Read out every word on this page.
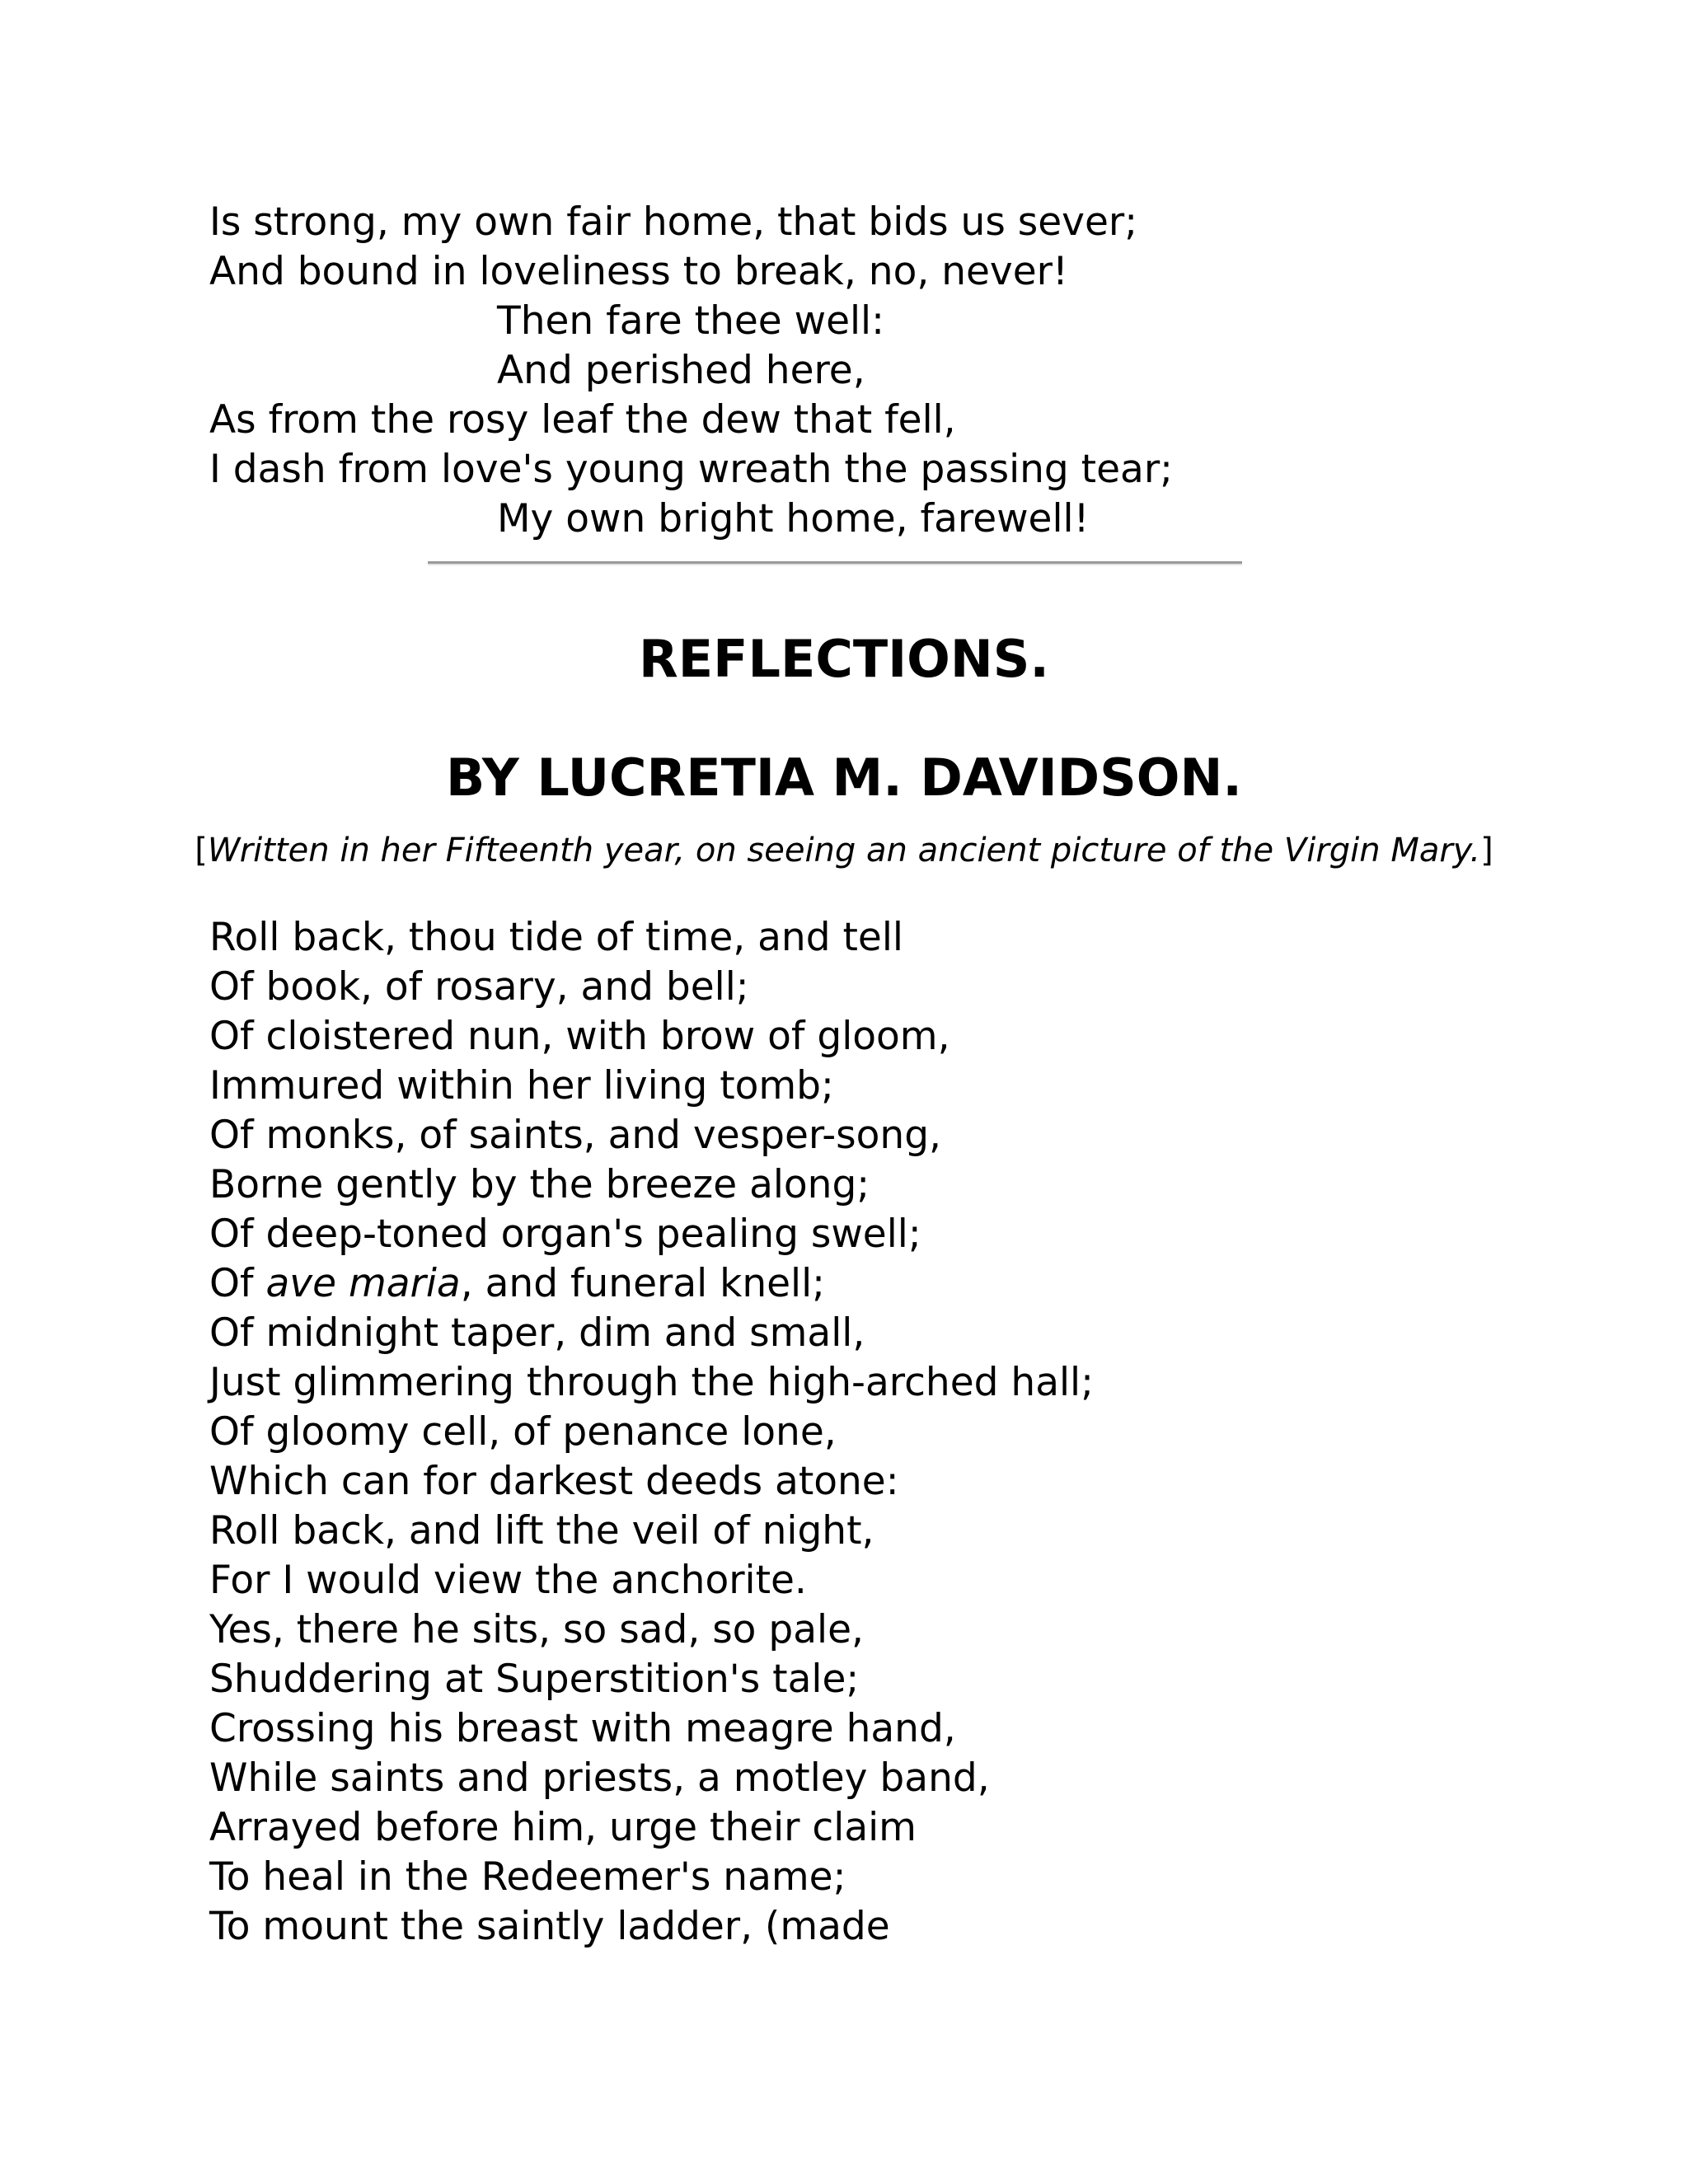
Is strong, my own fair home, that bids us sever;
And bound in loveliness to break, no, never!
Then fare thee well:
And perished here,
As from the rosy leaf the dew that fell,
I dash from love's young wreath the passing tear;
My own bright home, farewell!
REFLECTIONS.
BY LUCRETIA M. DAVIDSON.
[Written in her Fifteenth year, on seeing an ancient picture of the Virgin Mary.]
Roll back, thou tide of time, and tell
Of book, of rosary, and bell;
Of cloistered nun, with brow of gloom,
Immured within her living tomb;
Of monks, of saints, and vesper-song,
Borne gently by the breeze along;
Of deep-toned organ's pealing swell;
Of ave maria, and funeral knell;
Of midnight taper, dim and small,
Just glimmering through the high-arched hall;
Of gloomy cell, of penance lone,
Which can for darkest deeds atone:
Roll back, and lift the veil of night,
For I would view the anchorite.
Yes, there he sits, so sad, so pale,
Shuddering at Superstition's tale;
Crossing his breast with meagre hand,
While saints and priests, a motley band,
Arrayed before him, urge their claim
To heal in the Redeemer's name;
To mount the saintly ladder, (made
